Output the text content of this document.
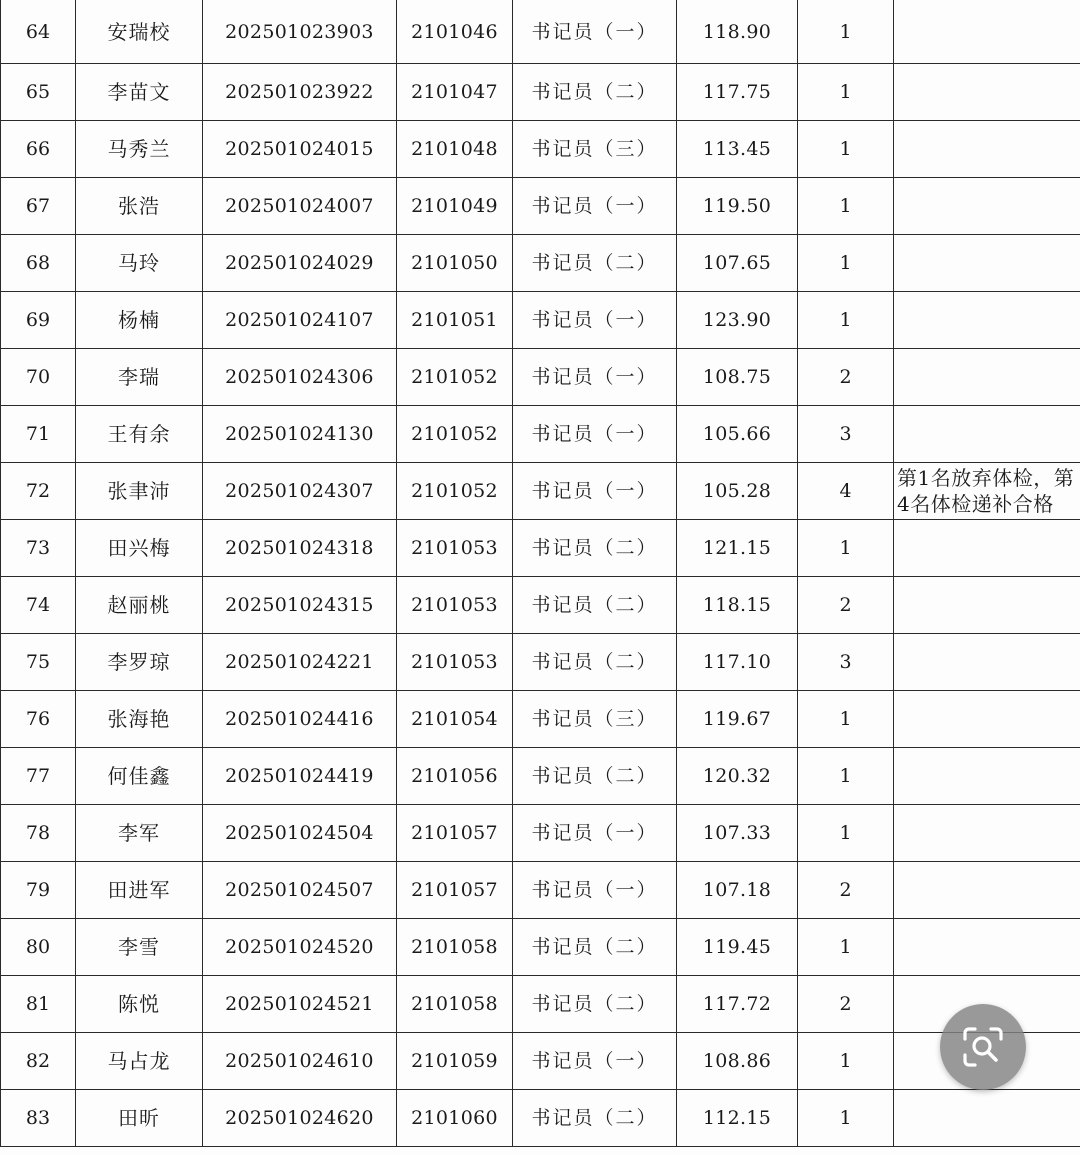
64	安瑞校	202501023903	2101046	书记员（一）	118.90	1	
65	李苗文	202501023922	2101047	书记员（二）	117.75	1	
66	马秀兰	202501024015	2101048	书记员（三）	113.45	1	
67	张浩	202501024007	2101049	书记员（一）	119.50	1	
68	马玲	202501024029	2101050	书记员（二）	107.65	1	
69	杨楠	202501024107	2101051	书记员（一）	123.90	1	
70	李瑞	202501024306	2101052	书记员（一）	108.75	2	
71	王有余	202501024130	2101052	书记员（一）	105.66	3	
72	张聿沛	202501024307	2101052	书记员（一）	105.28	4	第1名放弃体检，第4名体检递补合格
73	田兴梅	202501024318	2101053	书记员（二）	121.15	1	
74	赵丽桃	202501024315	2101053	书记员（二）	118.15	2	
75	李罗琼	202501024221	2101053	书记员（二）	117.10	3	
76	张海艳	202501024416	2101054	书记员（三）	119.67	1	
77	何佳鑫	202501024419	2101056	书记员（二）	120.32	1	
78	李军	202501024504	2101057	书记员（一）	107.33	1	
79	田进军	202501024507	2101057	书记员（一）	107.18	2	
80	李雪	202501024520	2101058	书记员（二）	119.45	1	
81	陈悦	202501024521	2101058	书记员（二）	117.72	2	
82	马占龙	202501024610	2101059	书记员（一）	108.86	1	
83	田昕	202501024620	2101060	书记员（二）	112.15	1	
